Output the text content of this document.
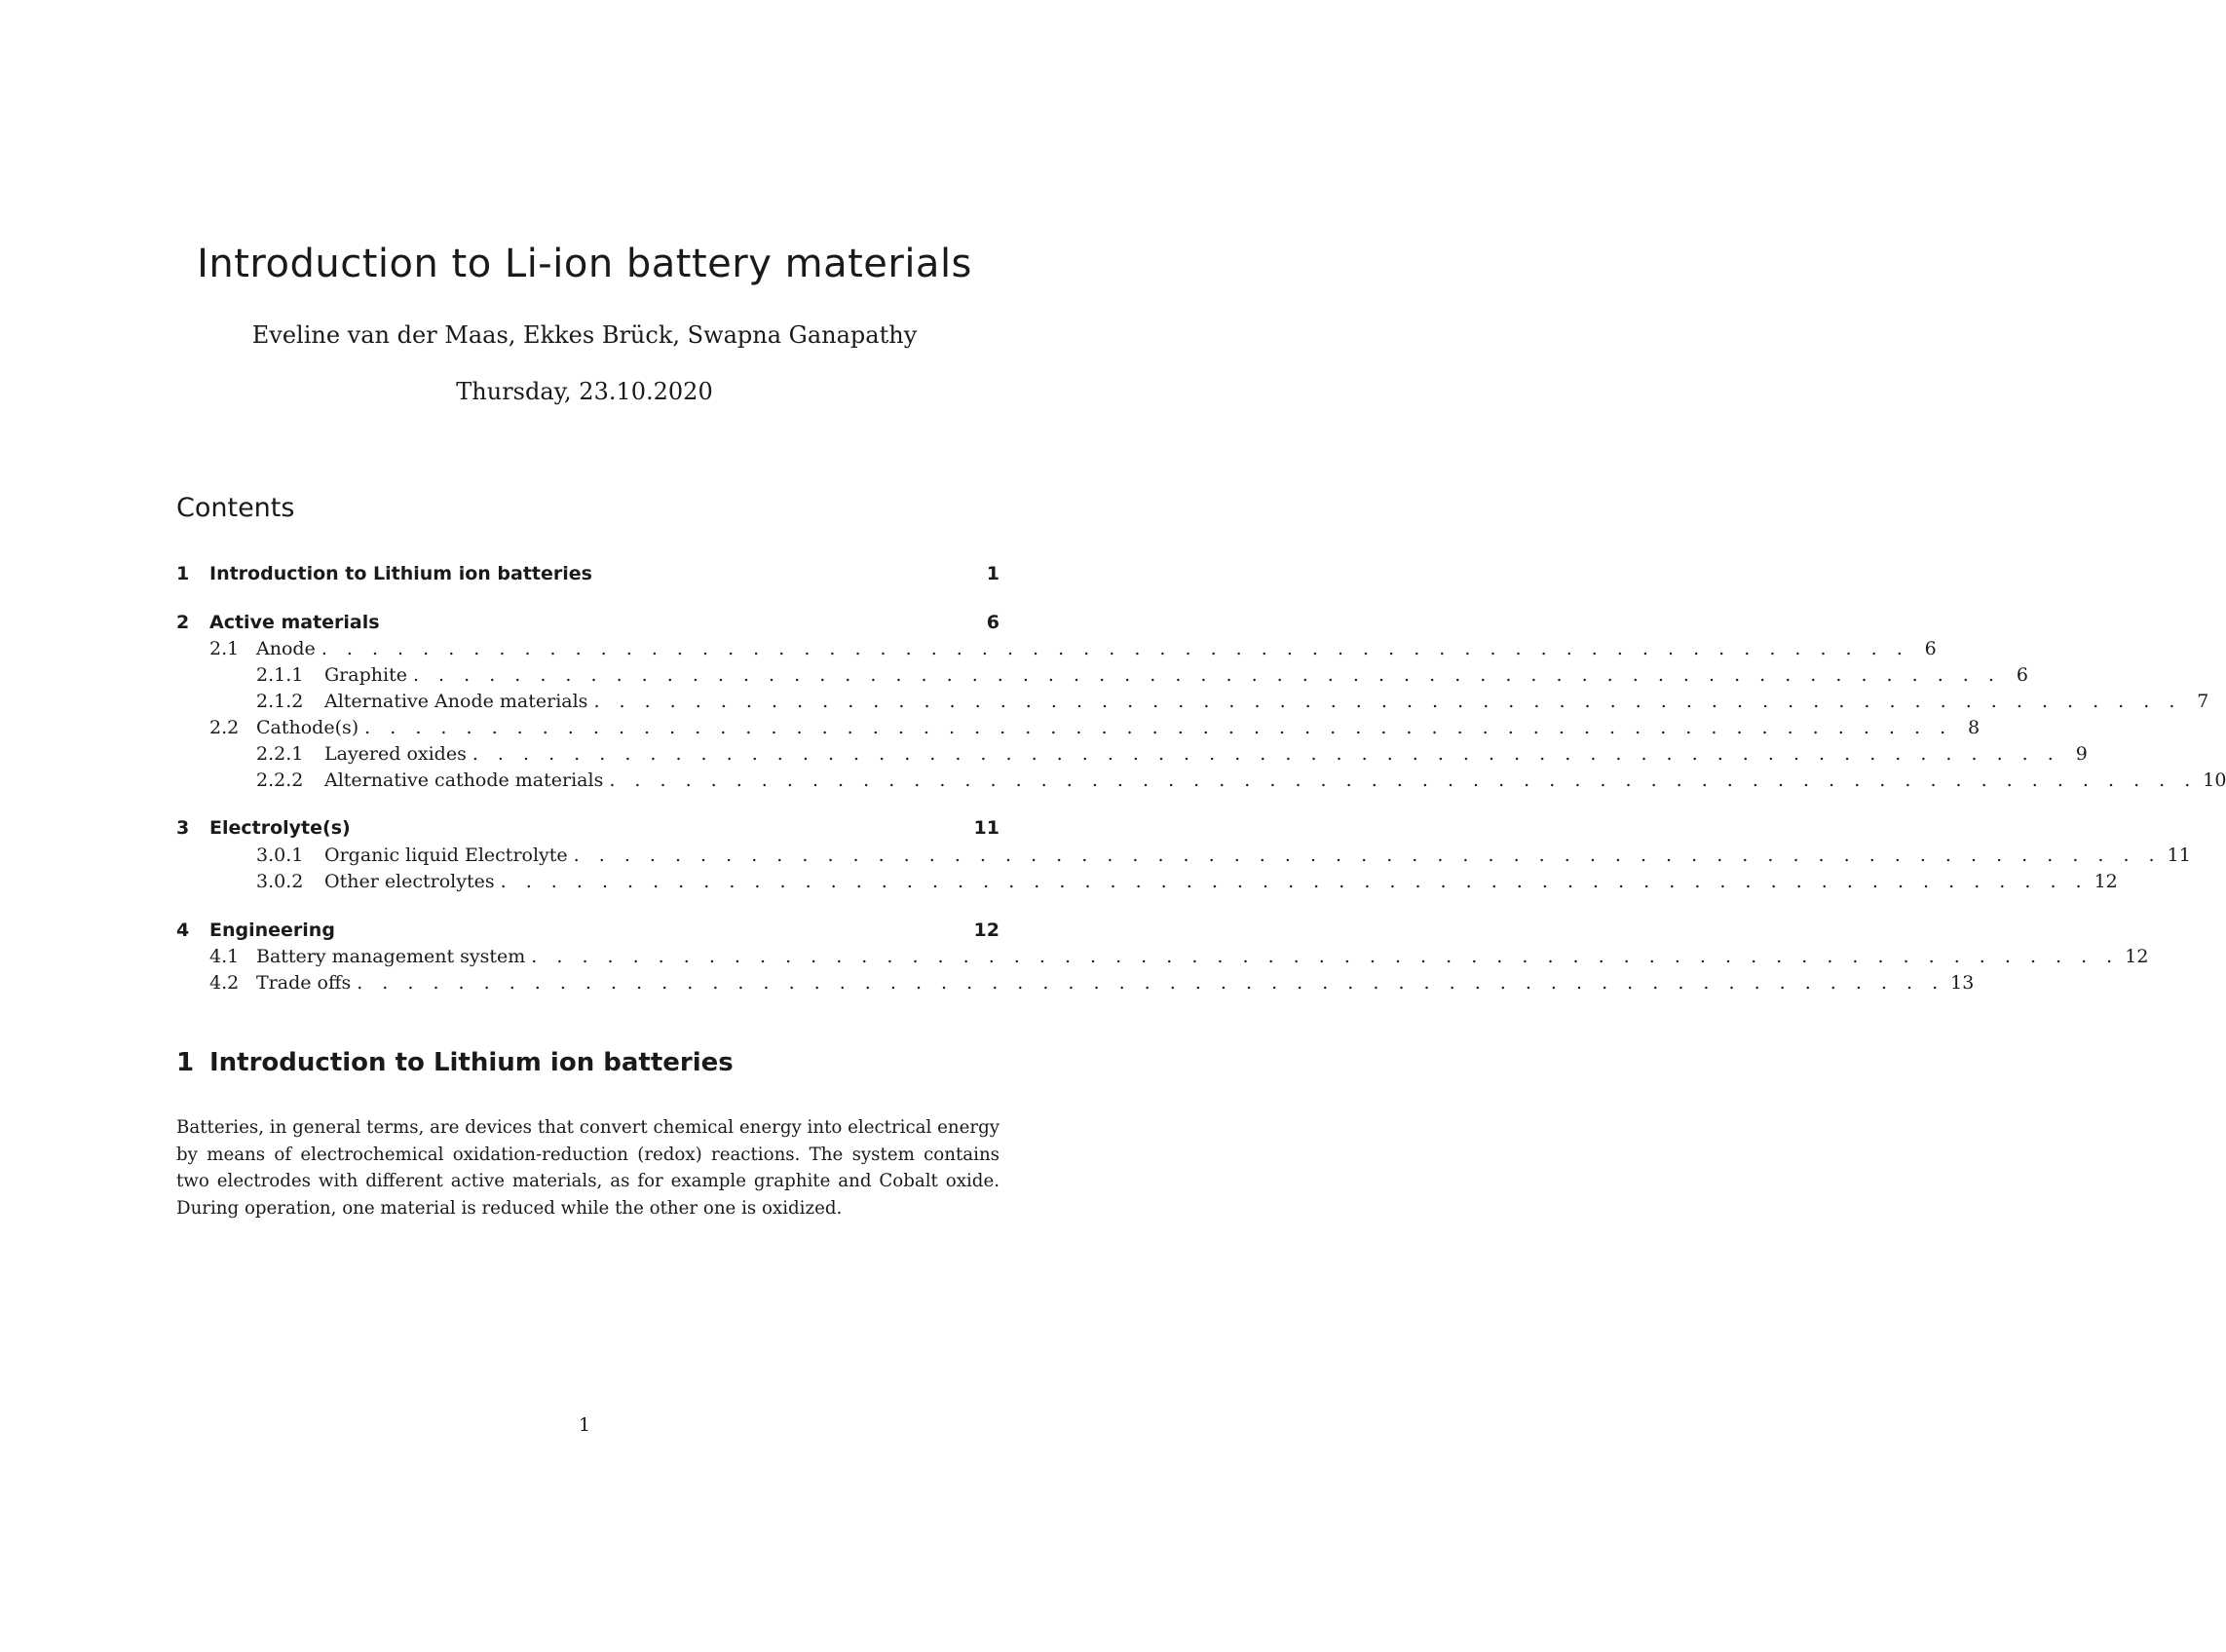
Introduction to Li-ion battery materials
Eveline van der Maas, Ekkes Brück, Swapna Ganapathy
Thursday, 23.10.2020
Contents
1	Introduction to Lithium ion batteries	1
2	Active materials	6
2.1 Anode . . . . . . . . . . . . . . . . . . . . . . . . . . . . . . . . . . . . . . . . . . . . . . . . . . . . . . . . . . . . . . . 6
2.1.1	Graphite . . . . . . . . . . . . . . . . . . . . . . . . . . . . . . . . . . . . . . . . . . . . . . . . . . . . . . . . . . . . . . . 6
2.1.2	Alternative Anode materials . . . . . . . . . . . . . . . . . . . . . . . . . . . . . . . . . . . . . . . . . . . . . . . . . . . . . . . . . . . . . . . 7
2.2 Cathode(s) . . . . . . . . . . . . . . . . . . . . . . . . . . . . . . . . . . . . . . . . . . . . . . . . . . . . . . . . . . . . . . . 8
2.2.1	Layered oxides . . . . . . . . . . . . . . . . . . . . . . . . . . . . . . . . . . . . . . . . . . . . . . . . . . . . . . . . . . . . . . . 9
2.2.2	Alternative cathode materials . . . . . . . . . . . . . . . . . . . . . . . . . . . . . . . . . . . . . . . . . . . . . . . . . . . . . . . . . . . . . . . 10
3	Electrolyte(s)	11
3.0.1	Organic liquid Electrolyte . . . . . . . . . . . . . . . . . . . . . . . . . . . . . . . . . . . . . . . . . . . . . . . . . . . . . . . . . . . . . . . 11
3.0.2	Other electrolytes . . . . . . . . . . . . . . . . . . . . . . . . . . . . . . . . . . . . . . . . . . . . . . . . . . . . . . . . . . . . . . . 12
4	Engineering	12
4.1 Battery management system . . . . . . . . . . . . . . . . . . . . . . . . . . . . . . . . . . . . . . . . . . . . . . . . . . . . . . . . . . . . . . . 12
4.2 Trade offs . . . . . . . . . . . . . . . . . . . . . . . . . . . . . . . . . . . . . . . . . . . . . . . . . . . . . . . . . . . . . . . 13
1 Introduction to Lithium ion batteries

Batteries, in general terms, are devices that convert chemical energy into electrical energy by means of electrochemical oxidation-reduction (redox) reactions. The system contains two electrodes with different active materials, as for example graphite and Cobalt oxide. During operation, one material is reduced while the other one is oxidized.

1
